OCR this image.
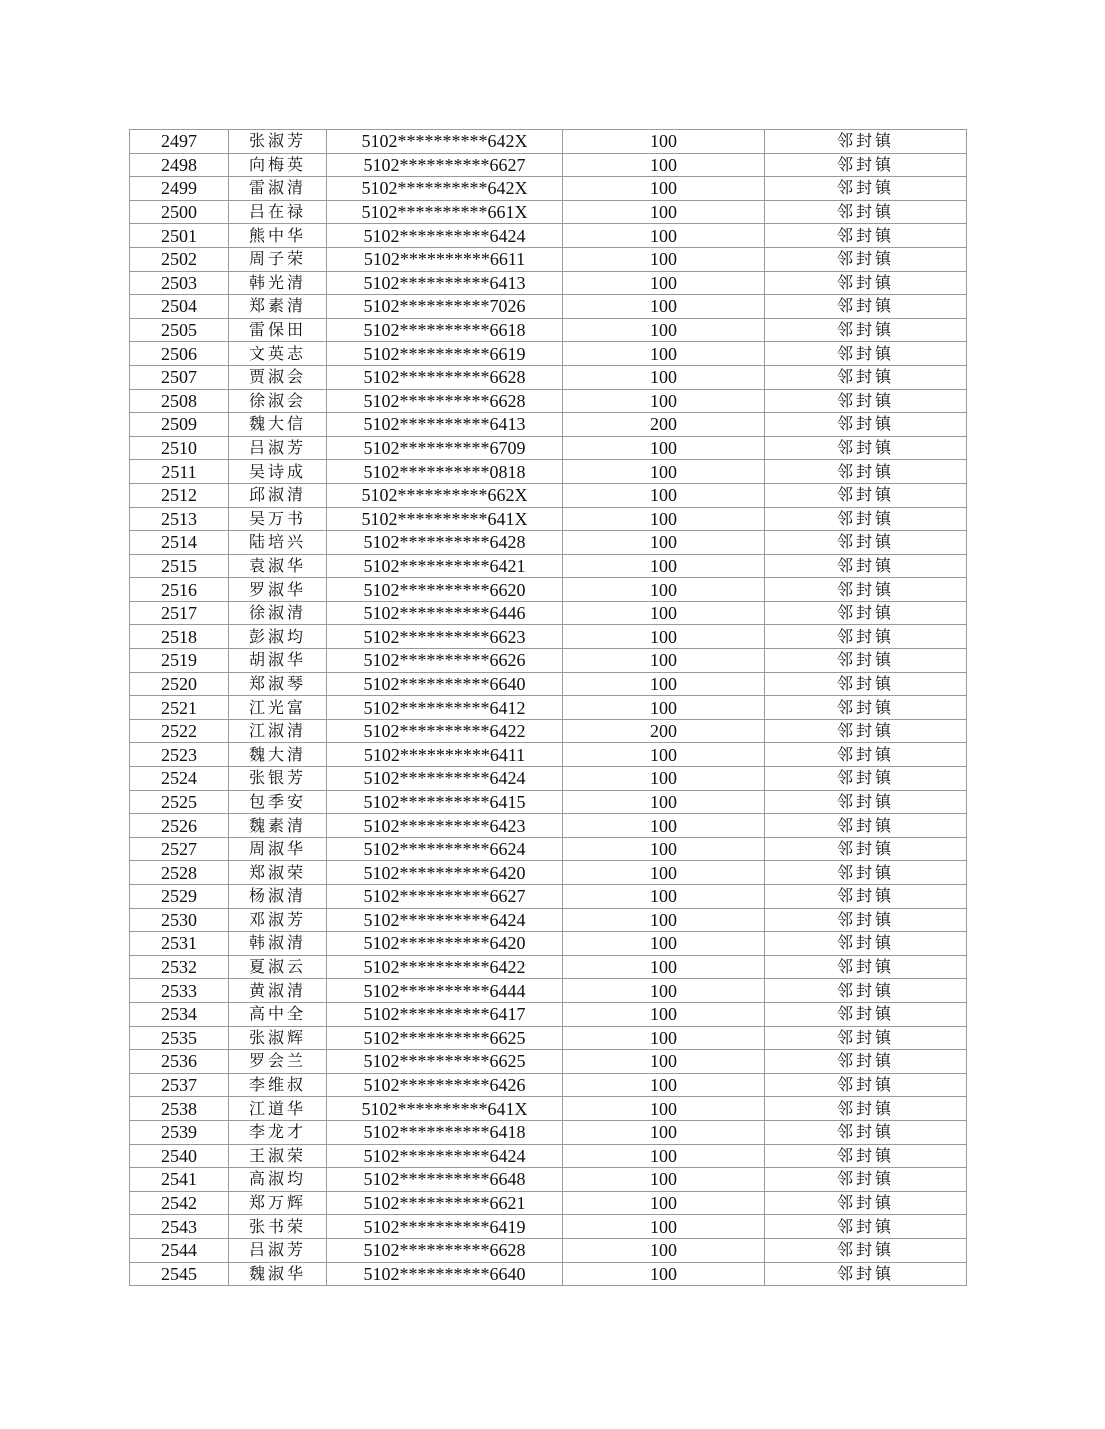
2497	张淑芳	5102**********642X	100	邻封镇
2498	向梅英	5102**********6627	100	邻封镇
2499	雷淑清	5102**********642X	100	邻封镇
2500	吕在禄	5102**********661X	100	邻封镇
2501	熊中华	5102**********6424	100	邻封镇
2502	周子荣	5102**********6611	100	邻封镇
2503	韩光清	5102**********6413	100	邻封镇
2504	郑素清	5102**********7026	100	邻封镇
2505	雷保田	5102**********6618	100	邻封镇
2506	文英志	5102**********6619	100	邻封镇
2507	贾淑会	5102**********6628	100	邻封镇
2508	徐淑会	5102**********6628	100	邻封镇
2509	魏大信	5102**********6413	200	邻封镇
2510	吕淑芳	5102**********6709	100	邻封镇
2511	吴诗成	5102**********0818	100	邻封镇
2512	邱淑清	5102**********662X	100	邻封镇
2513	吴万书	5102**********641X	100	邻封镇
2514	陆培兴	5102**********6428	100	邻封镇
2515	袁淑华	5102**********6421	100	邻封镇
2516	罗淑华	5102**********6620	100	邻封镇
2517	徐淑清	5102**********6446	100	邻封镇
2518	彭淑均	5102**********6623	100	邻封镇
2519	胡淑华	5102**********6626	100	邻封镇
2520	郑淑琴	5102**********6640	100	邻封镇
2521	江光富	5102**********6412	100	邻封镇
2522	江淑清	5102**********6422	200	邻封镇
2523	魏大清	5102**********6411	100	邻封镇
2524	张银芳	5102**********6424	100	邻封镇
2525	包季安	5102**********6415	100	邻封镇
2526	魏素清	5102**********6423	100	邻封镇
2527	周淑华	5102**********6624	100	邻封镇
2528	郑淑荣	5102**********6420	100	邻封镇
2529	杨淑清	5102**********6627	100	邻封镇
2530	邓淑芳	5102**********6424	100	邻封镇
2531	韩淑清	5102**********6420	100	邻封镇
2532	夏淑云	5102**********6422	100	邻封镇
2533	黄淑清	5102**********6444	100	邻封镇
2534	高中全	5102**********6417	100	邻封镇
2535	张淑辉	5102**********6625	100	邻封镇
2536	罗会兰	5102**********6625	100	邻封镇
2537	李维叔	5102**********6426	100	邻封镇
2538	江道华	5102**********641X	100	邻封镇
2539	李龙才	5102**********6418	100	邻封镇
2540	王淑荣	5102**********6424	100	邻封镇
2541	高淑均	5102**********6648	100	邻封镇
2542	郑万辉	5102**********6621	100	邻封镇
2543	张书荣	5102**********6419	100	邻封镇
2544	吕淑芳	5102**********6628	100	邻封镇
2545	魏淑华	5102**********6640	100	邻封镇
